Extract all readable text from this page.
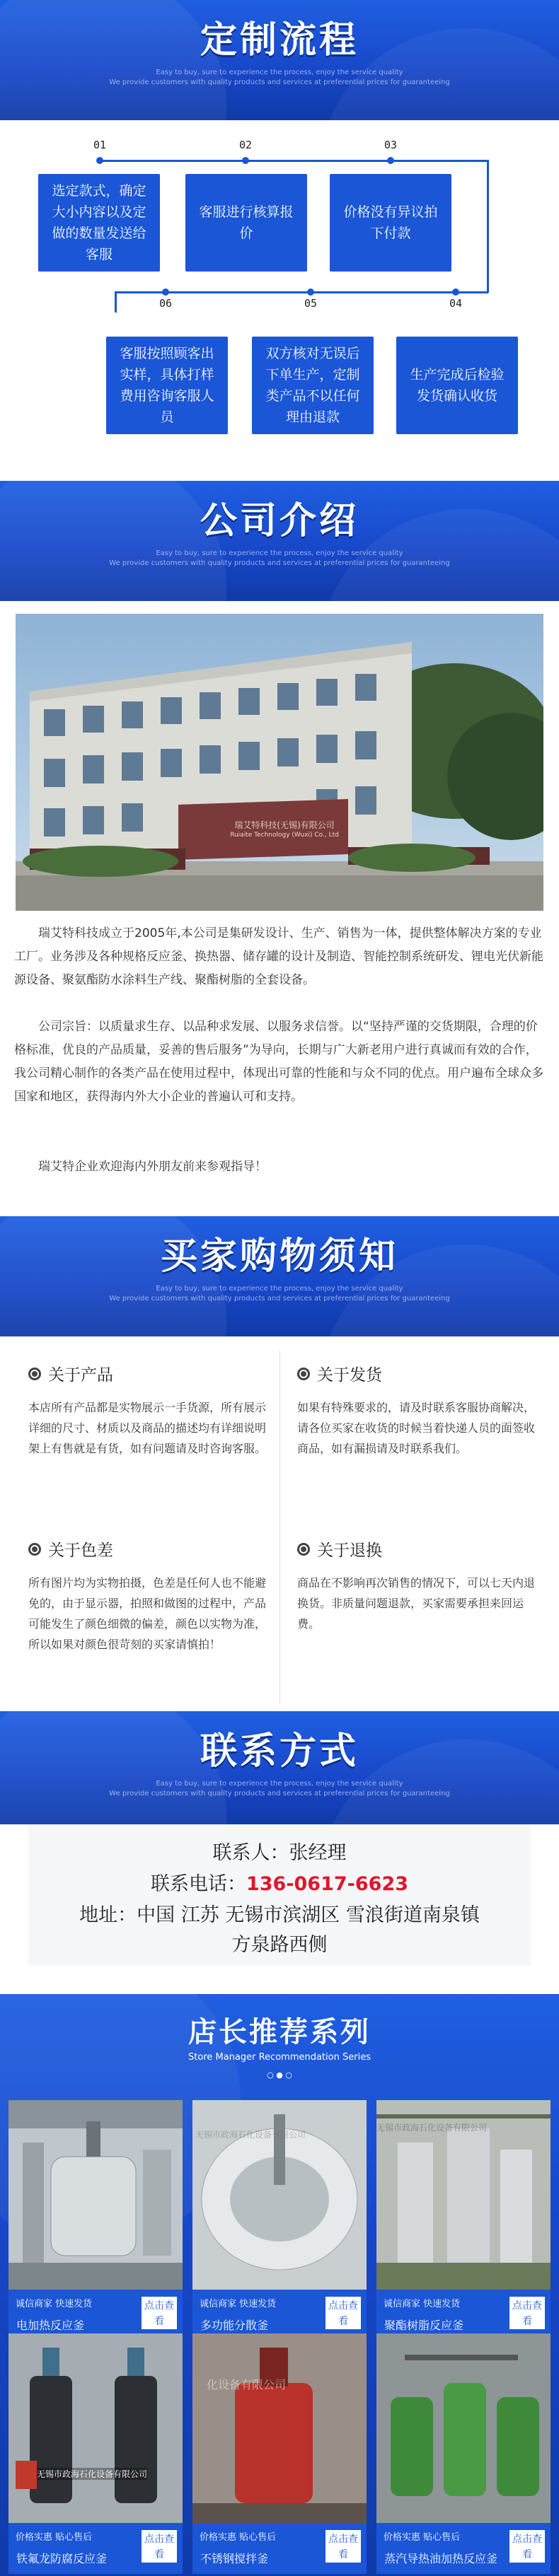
定制流程
Easy to buy, sure to experience the process, enjoy the service quality
We provide customers with quality products and services at preferential prices for guaranteeing
01	02	03
选定款式，确定大小内容以及定做的数量发送给客服
客服进行核算报价
价格没有异议拍下付款
06	05	04
客服按照顾客出实样，具体打样费用咨询客服人员
双方核对无误后下单生产，定制类产品不以任何理由退款
生产完成后检验发货确认收货
公司介绍
Easy to buy, sure to experience the process, enjoy the service quality
We provide customers with quality products and services at preferential prices for guaranteeing
瑞艾特科技(无锡)有限公司
Ruiaite Technology (Wuxi) Co., Ltd

瑞艾特科技成立于2005年,本公司是集研发设计、生产、销售为一体，提供整体解决方案的专业工厂。业务涉及各种规格反应釜、换热器、储存罐的设计及制造、智能控制系统研发、锂电光伏新能源设备、聚氨酯防水涂料生产线、聚酯树脂的全套设备。

公司宗旨：以质量求生存、以品种求发展、以服务求信誉。以“坚持严谨的交货期限，合理的价格标准，优良的产品质量，妥善的售后服务”为导向，长期与广大新老用户进行真诚而有效的合作，我公司精心制作的各类产品在使用过程中，体现出可靠的性能和与众不同的优点。用户遍布全球众多国家和地区，获得海内外大小企业的普遍认可和支持。

瑞艾特企业欢迎海内外朋友前来参观指导！

买家购物须知
Easy to buy, sure to experience the process, enjoy the service quality
We provide customers with quality products and services at preferential prices for guaranteeing
关于产品
本店所有产品都是实物展示一手货源，所有展示详细的尺寸、材质以及商品的描述均有详细说明架上有售就是有货，如有问题请及时咨询客服。
关于发货
如果有特殊要求的，请及时联系客服协商解决，请各位买家在收货的时候当着快递人员的面签收商品，如有漏损请及时联系我们。
关于色差
所有图片均为实物拍摄，色差是任何人也不能避免的，由于显示器，拍照和做图的过程中，产品可能发生了颜色细微的偏差，颜色以实物为准，所以如果对颜色很苛刻的买家请慎拍！
关于退换
商品在不影响再次销售的情况下，可以七天内退换货。非质量问题退款，买家需要承担来回运费。
联系方式
Easy to buy, sure to experience the process, enjoy the service quality
We provide customers with quality products and services at preferential prices for guaranteeing
联系人：张经理
联系电话：136-0617-6623
地址：中国 江苏 无锡市滨湖区 雪浪街道南泉镇
方泉路西侧
店长推荐系列
Store Manager Recommendation Series
○ ● ○
诚信商家 快速发货
电加热反应釜
点击查看
无锡市政海石化设备有限公司
诚信商家 快速发货
多功能分散釜
点击查看
无锡市政海石化设备有限公司
诚信商家 快速发货
聚酯树脂反应釜
点击查看
无锡市政海石化设备有限公司
价格实惠 贴心售后
铁氟龙防腐反应釜
点击查看
化设备有限公司
价格实惠 贴心售后
不锈钢搅拌釜
点击查看
价格实惠 贴心售后
蒸汽导热油加热反应釜
点击查看
